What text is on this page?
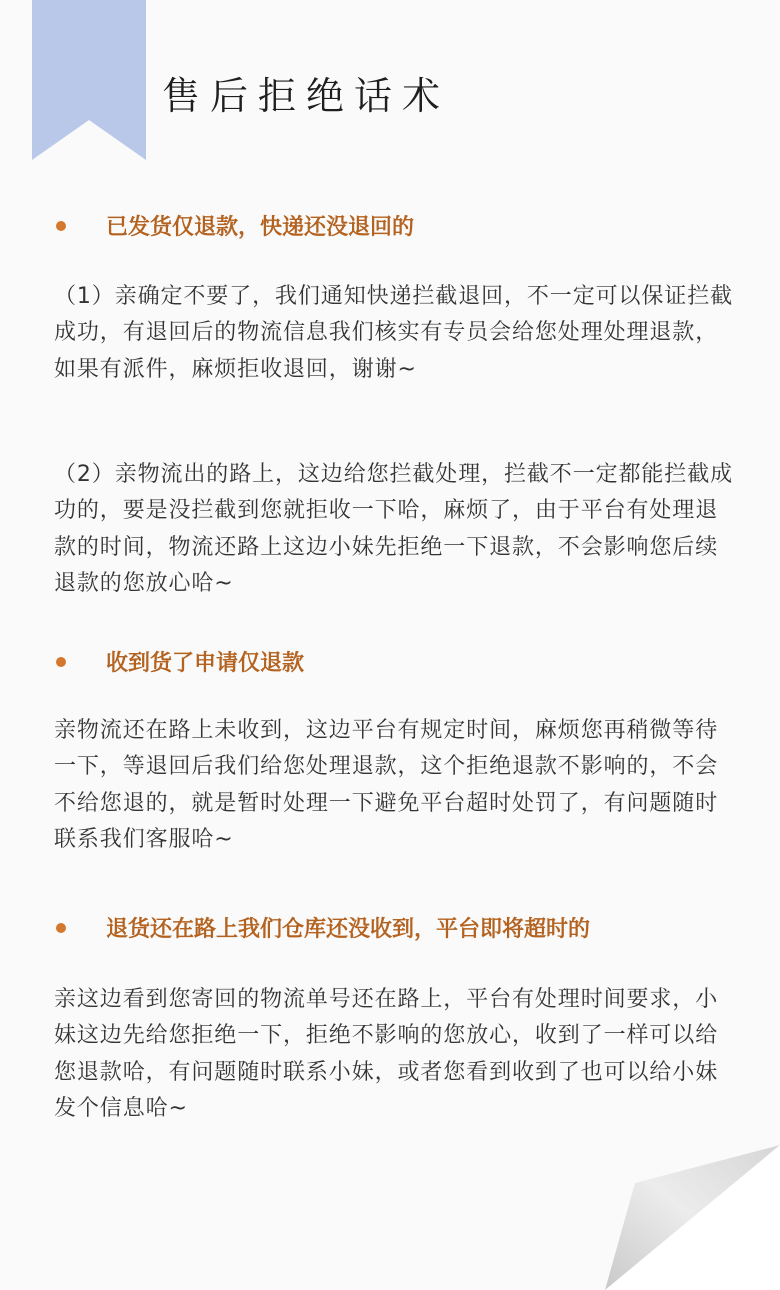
售后拒绝话术
已发货仅退款，快递还没退回的

（1）亲确定不要了，我们通知快递拦截退回，不一定可以保证拦截成功，有退回后的物流信息我们核实有专员会给您处理处理退款，如果有派件，麻烦拒收退回，谢谢~

（2）亲物流出的路上，这边给您拦截处理，拦截不一定都能拦截成功的，要是没拦截到您就拒收一下哈，麻烦了，由于平台有处理退款的时间，物流还路上这边小妹先拒绝一下退款，不会影响您后续退款的您放心哈~

收到货了申请仅退款

亲物流还在路上未收到，这边平台有规定时间，麻烦您再稍微等待一下，等退回后我们给您处理退款，这个拒绝退款不影响的，不会不给您退的，就是暂时处理一下避免平台超时处罚了，有问题随时联系我们客服哈~

退货还在路上我们仓库还没收到，平台即将超时的

亲这边看到您寄回的物流单号还在路上，平台有处理时间要求，小妹这边先给您拒绝一下，拒绝不影响的您放心，收到了一样可以给您退款哈，有问题随时联系小妹，或者您看到收到了也可以给小妹发个信息哈~
